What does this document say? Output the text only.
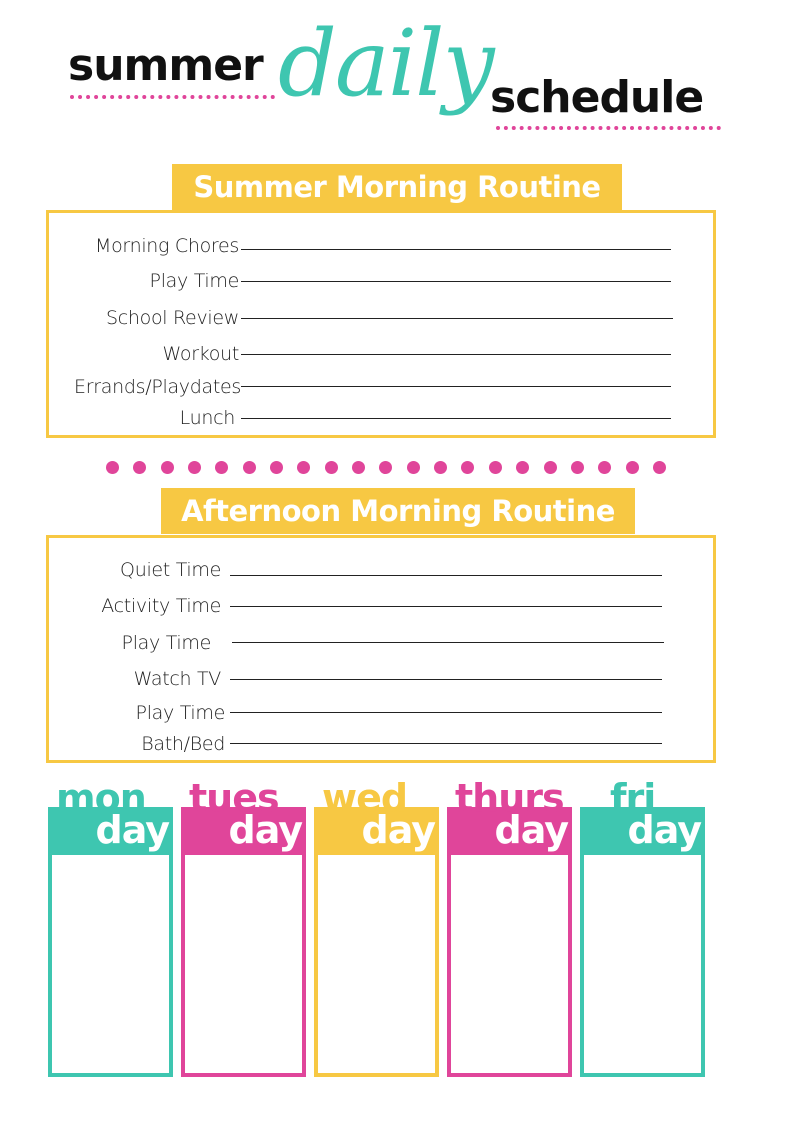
summer daily
schedule
Summer Morning Routine
Morning Chores
Play Time
School Review
Workout
Errands/Playdates
Lunch
Afternoon Morning Routine
Quiet Time
Activity Time
Play Time
Watch TV
Play Time
Bath/Bed
mon
day
tues
day
wed
day
thurs
day
fri
day
